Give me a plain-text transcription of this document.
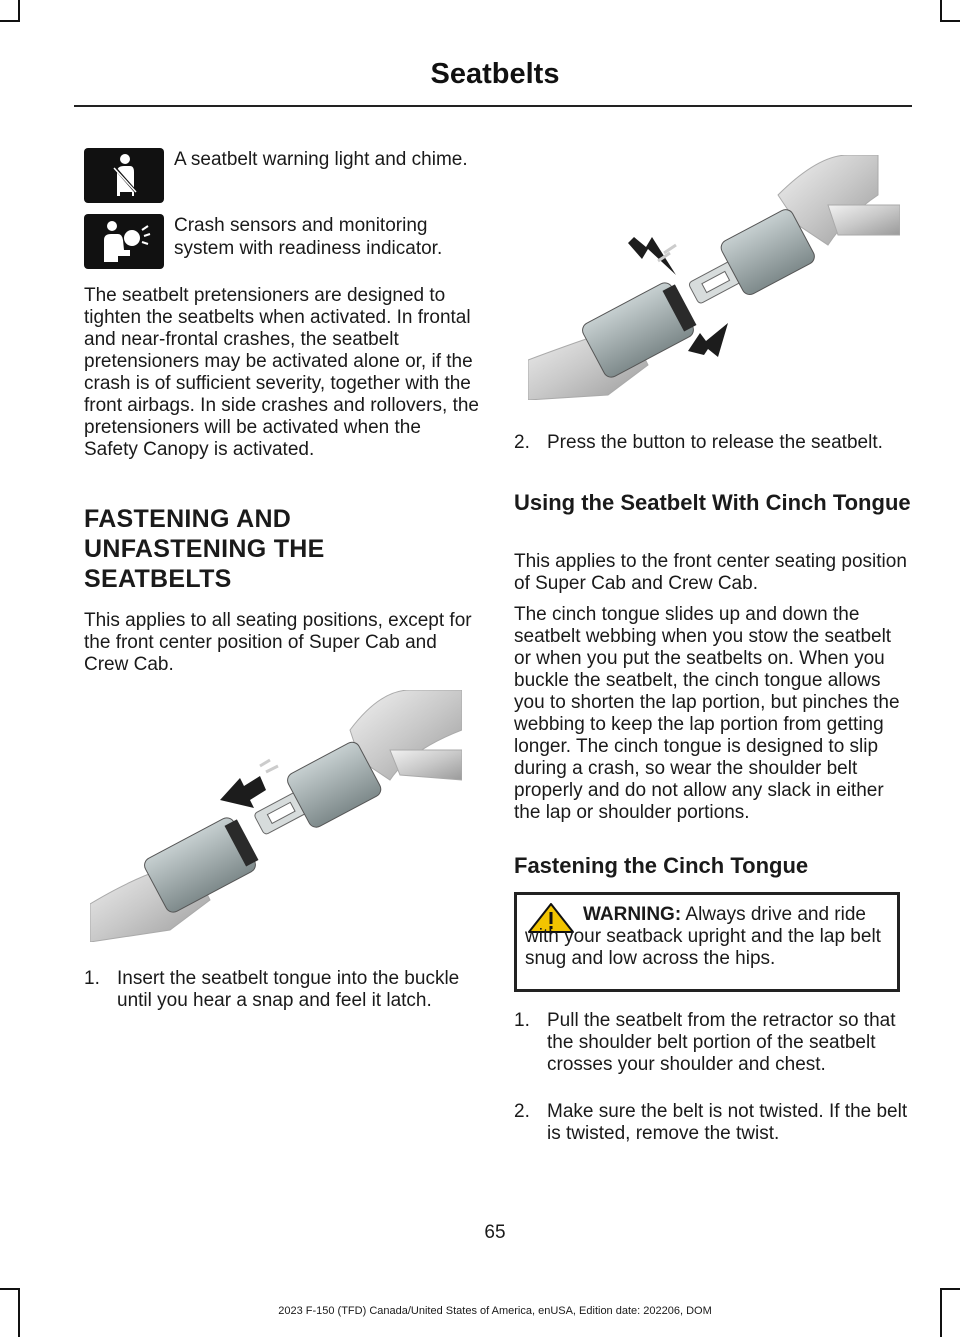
Seatbelts
A seatbelt warning light and chime.
Crash sensors and monitoring system with readiness indicator.

The seatbelt pretensioners are designed to tighten the seatbelts when activated. In frontal and near-frontal crashes, the seatbelt pretensioners may be activated alone or, if the crash is of sufficient severity, together with the front airbags. In side crashes and rollovers, the pretensioners will be activated when the Safety Canopy is activated.

FASTENING AND
UNFASTENING THE
SEATBELTS

This applies to all seating positions, except for the front center position of Super Cab and Crew Cab.

1. Insert the seatbelt tongue into the buckle until you hear a snap and feel it latch.
2. Press the button to release the seatbelt.
Using the Seatbelt With Cinch Tongue

This applies to the front center seating position of Super Cab and Crew Cab.

The cinch tongue slides up and down the seatbelt webbing when you stow the seatbelt or when you put the seatbelts on. When you buckle the seatbelt, the cinch tongue allows you to shorten the lap portion, but pinches the webbing to keep the lap portion from getting longer. The cinch tongue is designed to slip during a crash, so wear the shoulder belt properly and do not allow any slack in either the lap or shoulder portions.

Fastening the Cinch Tongue
WARNING: Always drive and ride with your seatback upright and the lap belt snug and low across the hips.
1. Pull the seatbelt from the retractor so that the shoulder belt portion of the seatbelt crosses your shoulder and chest.
2. Make sure the belt is not twisted. If the belt is twisted, remove the twist.
65
2023 F-150 (TFD) Canada/United States of America, enUSA, Edition date: 202206, DOM
